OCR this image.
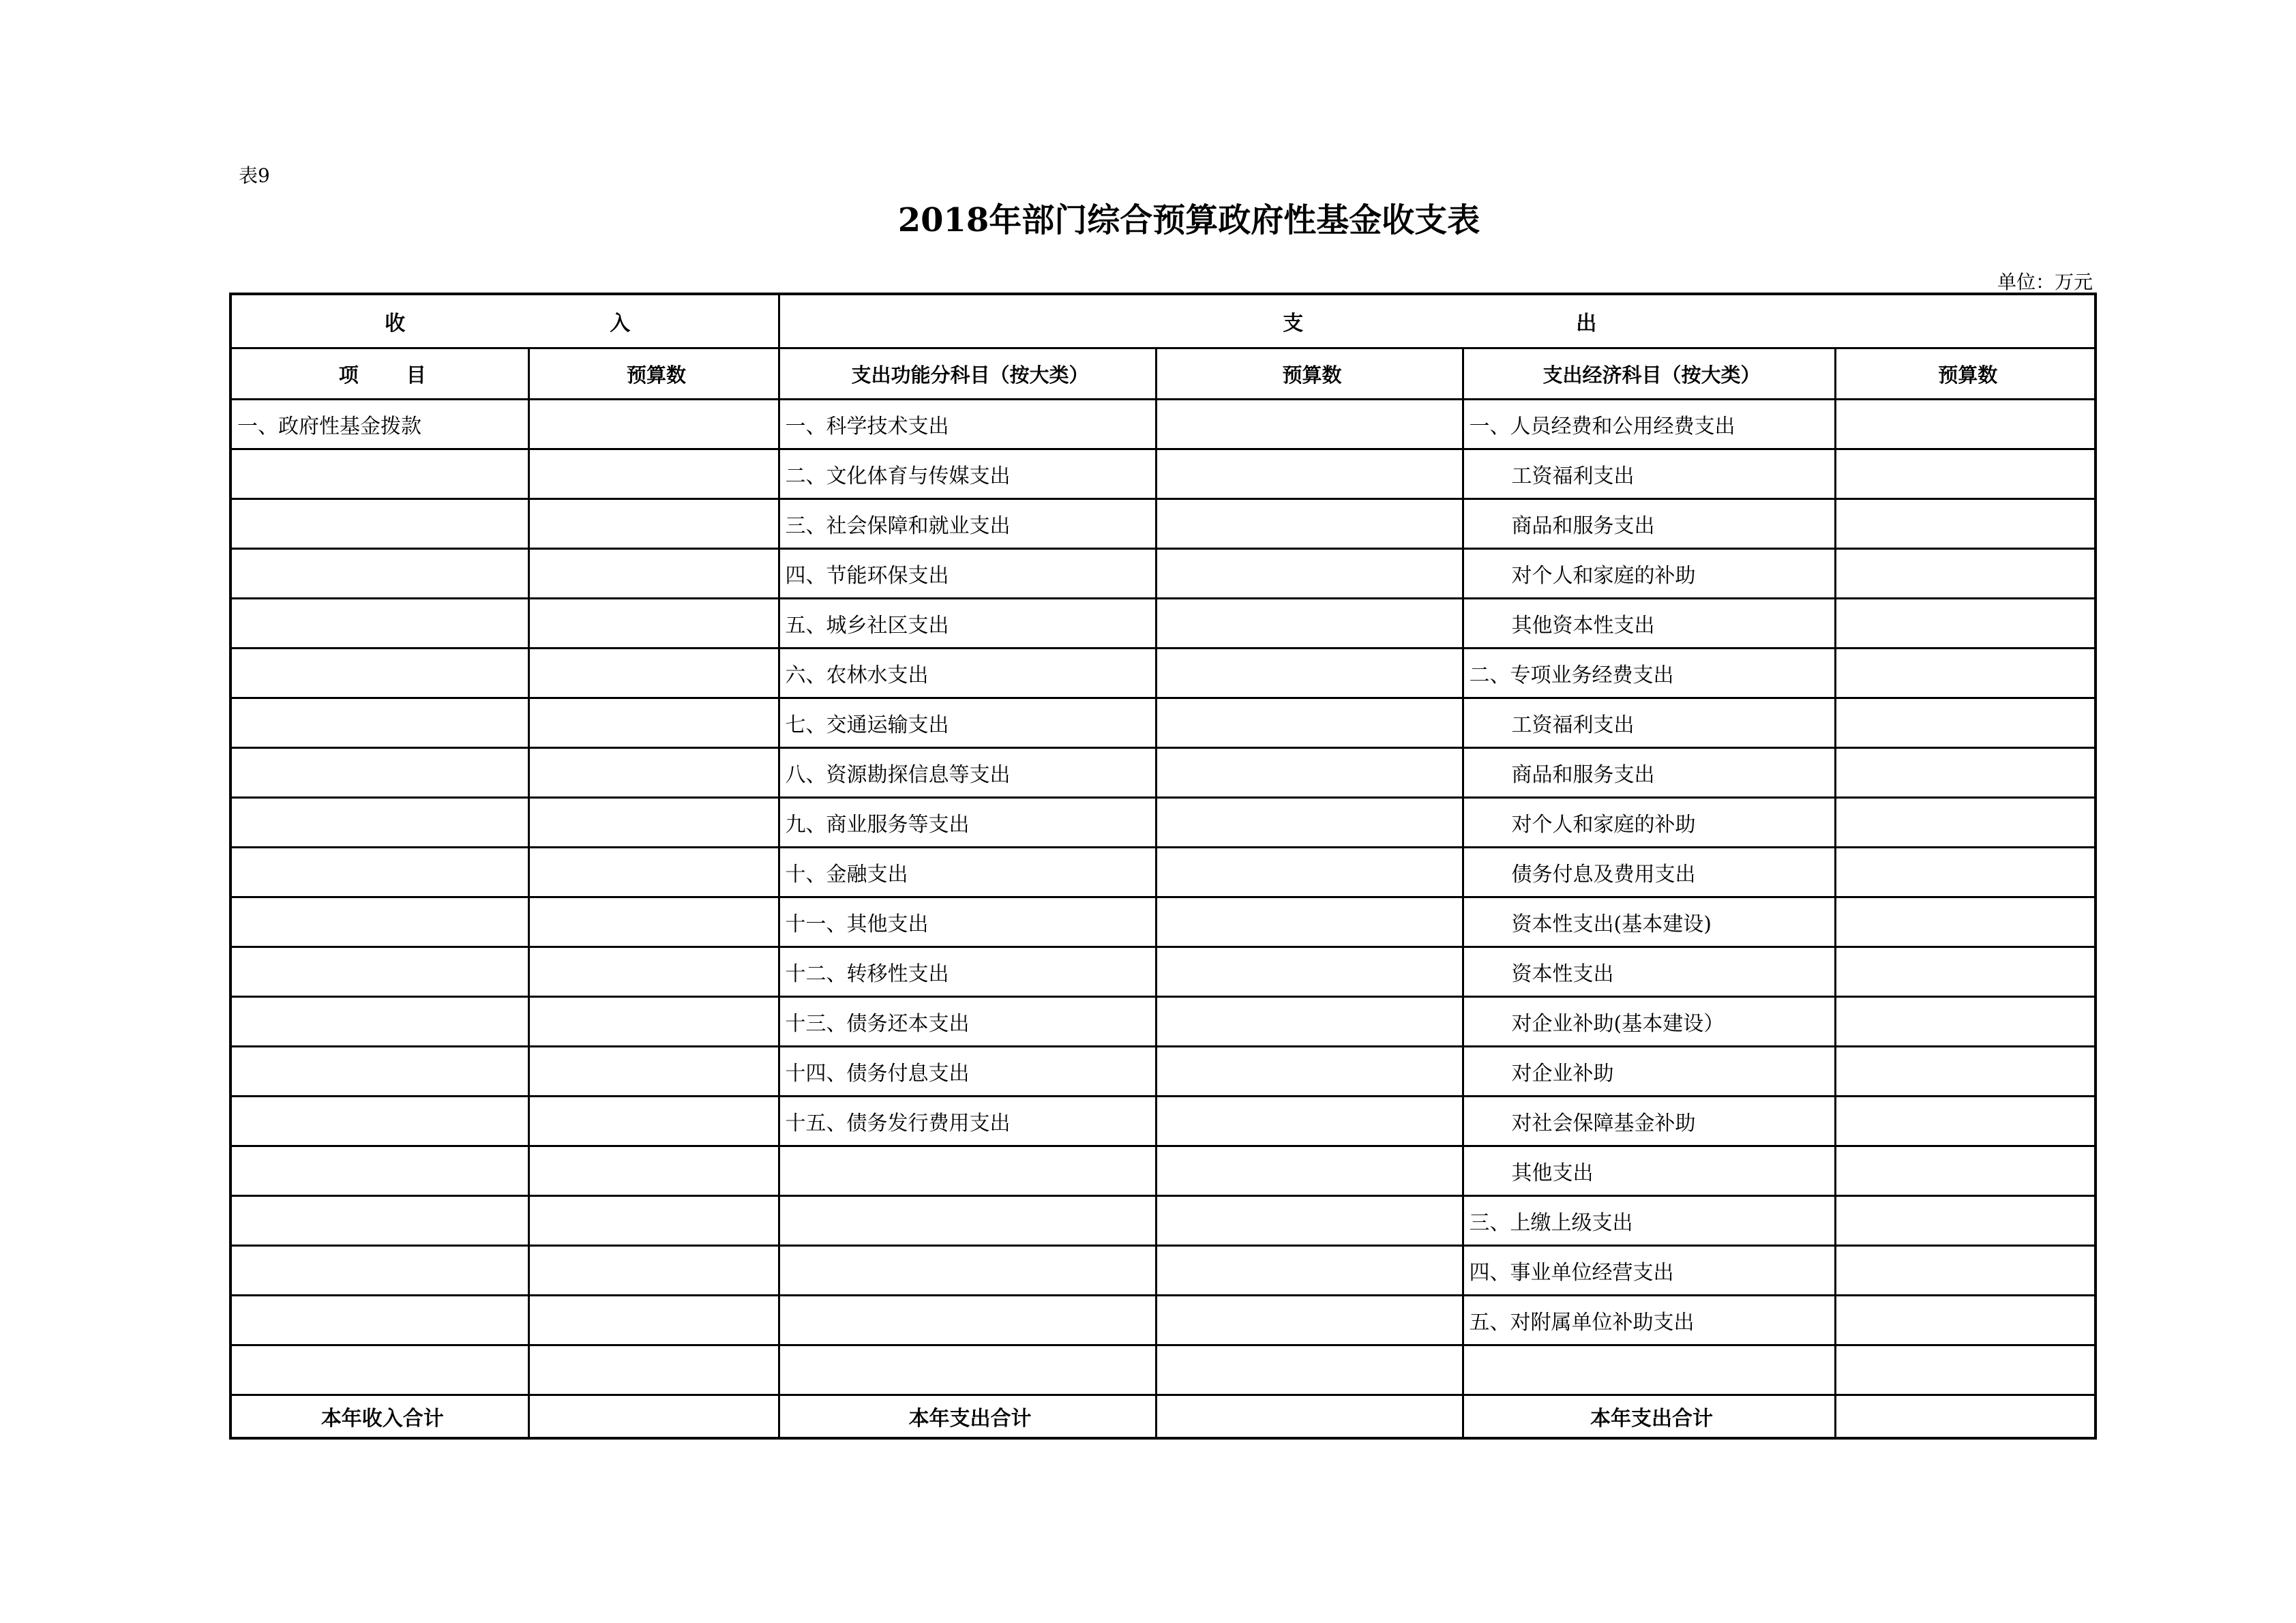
表9
2018年部门综合预算政府性基金收支表
单位：万元
收 入		支 出			
项 目	预算数	支出功能分科目（按大类）	预算数	支出经济科目（按大类）	预算数
一、政府性基金拨款		一、科学技术支出		一、人员经费和公用经费支出	
		二、文化体育与传媒支出		工资福利支出	
		三、社会保障和就业支出		商品和服务支出	
		四、节能环保支出		对个人和家庭的补助	
		五、城乡社区支出		其他资本性支出	
		六、农林水支出		二、专项业务经费支出	
		七、交通运输支出		工资福利支出	
		八、资源勘探信息等支出		商品和服务支出	
		九、商业服务等支出		对个人和家庭的补助	
		十、金融支出		债务付息及费用支出	
		十一、其他支出		资本性支出(基本建设)	
		十二、转移性支出		资本性支出	
		十三、债务还本支出		对企业补助(基本建设）	
		十四、债务付息支出		对企业补助	
		十五、债务发行费用支出		对社会保障基金补助	
				其他支出	
				三、上缴上级支出	
				四、事业单位经营支出	
				五、对附属单位补助支出	

本年收入合计		本年支出合计		本年支出合计	
